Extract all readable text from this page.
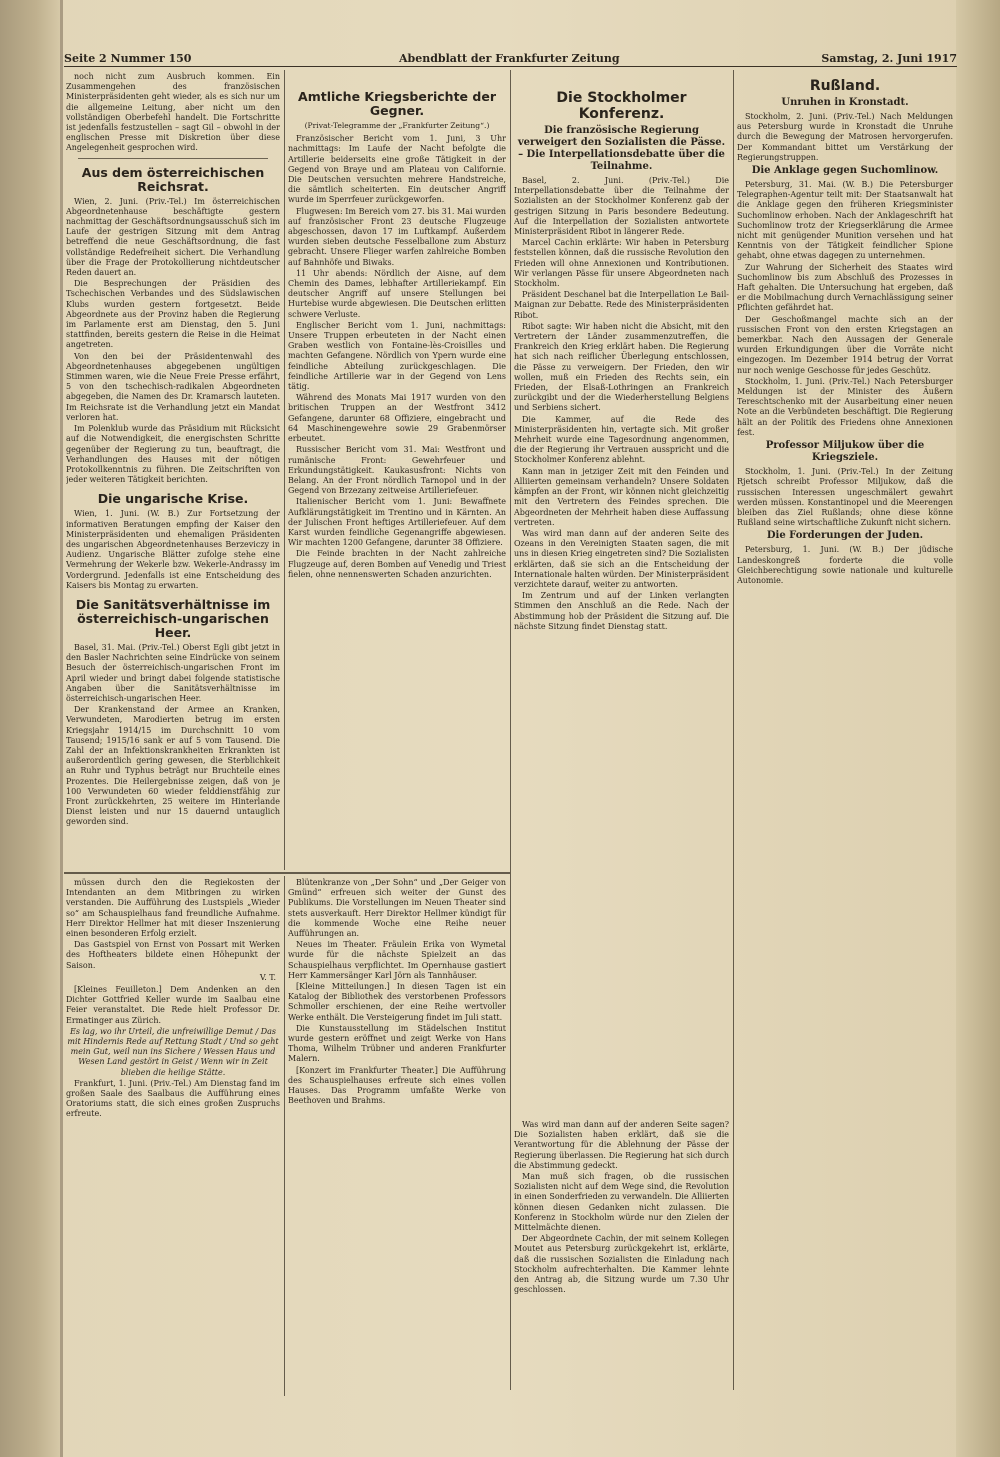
Seite 2 Nummer 150	Abendblatt der Frankfurter Zeitung	Samstag, 2. Juni 1917

noch nicht zum Ausbruch kommen. Ein Zusammengehen des französischen Ministerpräsidenten geht wieder, als es sich nur um die allgemeine Leitung, aber nicht um den vollständigen Oberbefehl handelt. Die Fortschritte ist jedenfalls festzustellen – sagt Gil – obwohl in der englischen Presse mit Diskretion über diese Angelegenheit gesprochen wird.

Aus dem österreichischen Reichsrat.

Wien, 2. Juni. (Priv.-Tel.) Im österreichischen Abgeordnetenhause beschäftigte gestern nachmittag der Geschäftsordnungsausschuß sich im Laufe der gestrigen Sitzung mit dem Antrag betreffend die neue Geschäftsordnung, die fast vollständige Redefreiheit sichert. Die Verhandlung über die Frage der Protokollierung nichtdeutscher Reden dauert an.

Die Besprechungen der Präsidien des Tschechischen Verbandes und des Südslawischen Klubs wurden gestern fortgesetzt. Beide Abgeordnete aus der Provinz haben die Regierung im Parlamente erst am Dienstag, den 5. Juni stattfinden, bereits gestern die Reise in die Heimat angetreten.

Von den bei der Präsidentenwahl des Abgeordnetenhauses abgegebenen ungültigen Stimmen waren, wie die Neue Freie Presse erfährt, 5 von den tschechisch-radikalen Abgeordneten abgegeben, die Namen des Dr. Kramarsch lauteten. Im Reichsrate ist die Verhandlung jetzt ein Mandat verloren hat.

Im Polenklub wurde das Präsidium mit Rücksicht auf die Notwendigkeit, die energischsten Schritte gegenüber der Regierung zu tun, beauftragt, die Verhandlungen des Hauses mit der nötigen Protokollkenntnis zu führen. Die Zeitschriften von jeder weiteren Tätigkeit berichten.

Die ungarische Krise.

Wien, 1. Juni. (W. B.) Zur Fortsetzung der informativen Beratungen empfing der Kaiser den Ministerpräsidenten und ehemaligen Präsidenten des ungarischen Abgeordnetenhauses Berzeviczy in Audienz. Ungarische Blätter zufolge stehe eine Vermehrung der Wekerle bzw. Wekerle-Andrassy im Vordergrund. Jedenfalls ist eine Entscheidung des Kaisers bis Montag zu erwarten.

Die Sanitätsverhältnisse im österreichisch-ungarischen Heer.

Basel, 31. Mai. (Priv.-Tel.) Oberst Egli gibt jetzt in den Basler Nachrichten seine Eindrücke von seinem Besuch der österreichisch-ungarischen Front im April wieder und bringt dabei folgende statistische Angaben über die Sanitätsverhältnisse im österreichisch-ungarischen Heer.

Der Krankenstand der Armee an Kranken, Verwundeten, Marodierten betrug im ersten Kriegsjahr 1914/15 im Durchschnitt 10 vom Tausend; 1915/16 sank er auf 5 vom Tausend. Die Zahl der an Infektionskrankheiten Erkrankten ist außerordentlich gering gewesen, die Sterblichkeit an Ruhr und Typhus beträgt nur Bruchteile eines Prozentes. Die Heilergebnisse zeigen, daß von je 100 Verwundeten 60 wieder felddienstfähig zur Front zurückkehrten, 25 weitere im Hinterlande Dienst leisten und nur 15 dauernd untauglich geworden sind.

Amtliche Kriegsberichte der Gegner.
(Privat-Telegramme der „Frankfurter Zeitung“.)

Französischer Bericht vom 1. Juni, 3 Uhr nachmittags: Im Laufe der Nacht befolgte die Artillerie beiderseits eine große Tätigkeit in der Gegend von Braye und am Plateau von Californie. Die Deutschen versuchten mehrere Handstreiche, die sämtlich scheiterten. Ein deutscher Angriff wurde im Sperrfeuer zurückgeworfen.

Flugwesen: Im Bereich vom 27. bis 31. Mai wurden auf französischer Front 23 deutsche Flugzeuge abgeschossen, davon 17 im Luftkampf. Außerdem wurden sieben deutsche Fesselballone zum Absturz gebracht. Unsere Flieger warfen zahlreiche Bomben auf Bahnhöfe und Biwaks.

11 Uhr abends: Nördlich der Aisne, auf dem Chemin des Dames, lebhafter Artilleriekampf. Ein deutscher Angriff auf unsere Stellungen bei Hurtebise wurde abgewiesen. Die Deutschen erlitten schwere Verluste.

Englischer Bericht vom 1. Juni, nachmittags: Unsere Truppen erbeuteten in der Nacht einen Graben westlich von Fontaine-lès-Croisilles und machten Gefangene. Nördlich von Ypern wurde eine feindliche Abteilung zurückgeschlagen. Die feindliche Artillerie war in der Gegend von Lens tätig.

Während des Monats Mai 1917 wurden von den britischen Truppen an der Westfront 3412 Gefangene, darunter 68 Offiziere, eingebracht und 64 Maschinengewehre sowie 29 Grabenmörser erbeutet.

Russischer Bericht vom 31. Mai: Westfront und rumänische Front: Gewehrfeuer und Erkundungstätigkeit. Kaukasusfront: Nichts von Belang. An der Front nördlich Tarnopol und in der Gegend von Brzezany zeitweise Artilleriefeuer.

Italienischer Bericht vom 1. Juni: Bewaffnete Aufklärungstätigkeit im Trentino und in Kärnten. An der Julischen Front heftiges Artilleriefeuer. Auf dem Karst wurden feindliche Gegenangriffe abgewiesen. Wir machten 1200 Gefangene, darunter 38 Offiziere.

Die Feinde brachten in der Nacht zahlreiche Flugzeuge auf, deren Bomben auf Venedig und Triest fielen, ohne nennenswerten Schaden anzurichten.

Die Stockholmer Konferenz.
Die französische Regierung verweigert den Sozialisten die Pässe. – Die Interpellationsdebatte über die Teilnahme.

Basel, 2. Juni. (Priv.-Tel.) Die Interpellationsdebatte über die Teilnahme der Sozialisten an der Stockholmer Konferenz gab der gestrigen Sitzung in Paris besondere Bedeutung. Auf die Interpellation der Sozialisten antwortete Ministerpräsident Ribot in längerer Rede.

Marcel Cachin erklärte: Wir haben in Petersburg feststellen können, daß die russische Revolution den Frieden will ohne Annexionen und Kontributionen. Wir verlangen Pässe für unsere Abgeordneten nach Stockholm.

Präsident Deschanel bat die Interpellation Le Bail-Maignan zur Debatte. Rede des Ministerpräsidenten Ribot.

Ribot sagte: Wir haben nicht die Absicht, mit den Vertretern der Länder zusammenzutreffen, die Frankreich den Krieg erklärt haben. Die Regierung hat sich nach reiflicher Überlegung entschlossen, die Pässe zu verweigern. Der Frieden, den wir wollen, muß ein Frieden des Rechts sein, ein Frieden, der Elsaß-Lothringen an Frankreich zurückgibt und der die Wiederherstellung Belgiens und Serbiens sichert.

Die Kammer, auf die Rede des Ministerpräsidenten hin, vertagte sich. Mit großer Mehrheit wurde eine Tagesordnung angenommen, die der Regierung ihr Vertrauen ausspricht und die Stockholmer Konferenz ablehnt.

Kann man in jetziger Zeit mit den Feinden und Alliierten gemeinsam verhandeln? Unsere Soldaten kämpfen an der Front, wir können nicht gleichzeitig mit den Vertretern des Feindes sprechen. Die Abgeordneten der Mehrheit haben diese Auffassung vertreten.

Was wird man dann auf der anderen Seite des Ozeans in den Vereinigten Staaten sagen, die mit uns in diesen Krieg eingetreten sind? Die Sozialisten erklärten, daß sie sich an die Entscheidung der Internationale halten würden. Der Ministerpräsident verzichtete darauf, weiter zu antworten.

Im Zentrum und auf der Linken verlangten Stimmen den Anschluß an die Rede. Nach der Abstimmung hob der Präsident die Sitzung auf. Die nächste Sitzung findet Dienstag statt.

Rußland.
Unruhen in Kronstadt.

Stockholm, 2. Juni. (Priv.-Tel.) Nach Meldungen aus Petersburg wurde in Kronstadt die Unruhe durch die Bewegung der Matrosen hervorgerufen. Der Kommandant bittet um Verstärkung der Regierungstruppen.

Die Anklage gegen Suchomlinow.

Petersburg, 31. Mai. (W. B.) Die Petersburger Telegraphen-Agentur teilt mit: Der Staatsanwalt hat die Anklage gegen den früheren Kriegsminister Suchomlinow erhoben. Nach der Anklageschrift hat Suchomlinow trotz der Kriegserklärung die Armee nicht mit genügender Munition versehen und hat Kenntnis von der Tätigkeit feindlicher Spione gehabt, ohne etwas dagegen zu unternehmen.

Zur Wahrung der Sicherheit des Staates wird Suchomlinow bis zum Abschluß des Prozesses in Haft gehalten. Die Untersuchung hat ergeben, daß er die Mobilmachung durch Vernachlässigung seiner Pflichten gefährdet hat.

Der Geschoßmangel machte sich an der russischen Front von den ersten Kriegstagen an bemerkbar. Nach den Aussagen der Generale wurden Erkundigungen über die Vorräte nicht eingezogen. Im Dezember 1914 betrug der Vorrat nur noch wenige Geschosse für jedes Geschütz.

Stockholm, 1. Juni. (Priv.-Tel.) Nach Petersburger Meldungen ist der Minister des Äußern Tereschtschenko mit der Ausarbeitung einer neuen Note an die Verbündeten beschäftigt. Die Regierung hält an der Politik des Friedens ohne Annexionen fest.

Professor Miljukow über die Kriegsziele.

Stockholm, 1. Juni. (Priv.-Tel.) In der Zeitung Rjetsch schreibt Professor Miljukow, daß die russischen Interessen ungeschmälert gewahrt werden müssen. Konstantinopel und die Meerengen bleiben das Ziel Rußlands; ohne diese könne Rußland seine wirtschaftliche Zukunft nicht sichern.

Die Forderungen der Juden.

Petersburg, 1. Juni. (W. B.) Der jüdische Landeskongreß forderte die volle Gleichberechtigung sowie nationale und kulturelle Autonomie.

müssen durch den die Regiekosten der Intendanten an dem Mitbringen zu wirken verstanden. Die Aufführung des Lustspiels „Wieder so“ am Schauspielhaus fand freundliche Aufnahme. Herr Direktor Hellmer hat mit dieser Inszenierung einen besonderen Erfolg erzielt.

Das Gastspiel von Ernst von Possart mit Werken des Hoftheaters bildete einen Höhepunkt der Saison.

V. T.

[Kleines Feuilleton.] Dem Andenken an den Dichter Gottfried Keller wurde im Saalbau eine Feier veranstaltet. Die Rede hielt Professor Dr. Ermatinger aus Zürich.

Es lag, wo ihr Urteil, die unfreiwillige Demut / Das mit Hindernis Rede auf Rettung Stadt / Und so geht mein Gut, weil nun ins Sichere / Wessen Haus und Wesen Land gestört in Geist / Wenn wir in Zeit blieben die heilige Stätte.

Frankfurt, 1. Juni. (Priv.-Tel.) Am Dienstag fand im großen Saale des Saalbaus die Aufführung eines Oratoriums statt, die sich eines großen Zuspruchs erfreute.

Blütenkranze von „Der Sohn“ und „Der Geiger von Gmünd“ erfreuen sich weiter der Gunst des Publikums. Die Vorstellungen im Neuen Theater sind stets ausverkauft. Herr Direktor Hellmer kündigt für die kommende Woche eine Reihe neuer Aufführungen an.

Neues im Theater. Fräulein Erika von Wymetal wurde für die nächste Spielzeit an das Schauspielhaus verpflichtet. Im Opernhause gastiert Herr Kammersänger Karl Jörn als Tannhäuser.

[Kleine Mitteilungen.] In diesen Tagen ist ein Katalog der Bibliothek des verstorbenen Professors Schmoller erschienen, der eine Reihe wertvoller Werke enthält. Die Versteigerung findet im Juli statt.

Die Kunstausstellung im Städelschen Institut wurde gestern eröffnet und zeigt Werke von Hans Thoma, Wilhelm Trübner und anderen Frankfurter Malern.

[Konzert im Frankfurter Theater.] Die Aufführung des Schauspielhauses erfreute sich eines vollen Hauses. Das Programm umfaßte Werke von Beethoven und Brahms.

Was wird man dann auf der anderen Seite sagen? Die Sozialisten haben erklärt, daß sie die Verantwortung für die Ablehnung der Pässe der Regierung überlassen. Die Regierung hat sich durch die Abstimmung gedeckt.

Man muß sich fragen, ob die russischen Sozialisten nicht auf dem Wege sind, die Revolution in einen Sonderfrieden zu verwandeln. Die Alliierten können diesen Gedanken nicht zulassen. Die Konferenz in Stockholm würde nur den Zielen der Mittelmächte dienen.

Der Abgeordnete Cachin, der mit seinem Kollegen Moutet aus Petersburg zurückgekehrt ist, erklärte, daß die russischen Sozialisten die Einladung nach Stockholm aufrechterhalten. Die Kammer lehnte den Antrag ab, die Sitzung wurde um 7.30 Uhr geschlossen.
